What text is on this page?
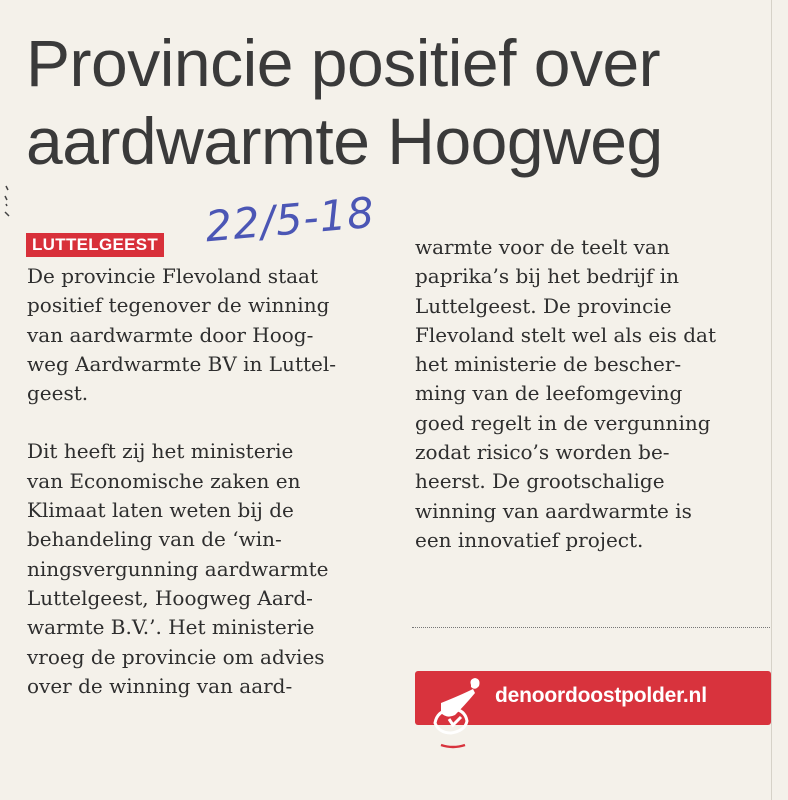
Provincie positief over aardwarmte Hoogweg
22/5-18
LUTTELGEEST
De provincie Flevoland staat
positief tegenover de winning
van aardwarmte door Hoog-
weg Aardwarmte BV in Luttel-
geest.
Dit heeft zij het ministerie
van Economische zaken en
Klimaat laten weten bij de
behandeling van de ‘win-
ningsvergunning aardwarmte
Luttelgeest, Hoogweg Aard-
warmte B.V.’. Het ministerie
vroeg de provincie om advies
over de winning van aard-
warmte voor de teelt van
paprika’s bij het bedrijf in
Luttelgeest. De provincie
Flevoland stelt wel als eis dat
het ministerie de bescher-
ming van de leefomgeving
goed regelt in de vergunning
zodat risico’s worden be-
heerst. De grootschalige
winning van aardwarmte is
een innovatief project.
denoordoostpolder.nl
